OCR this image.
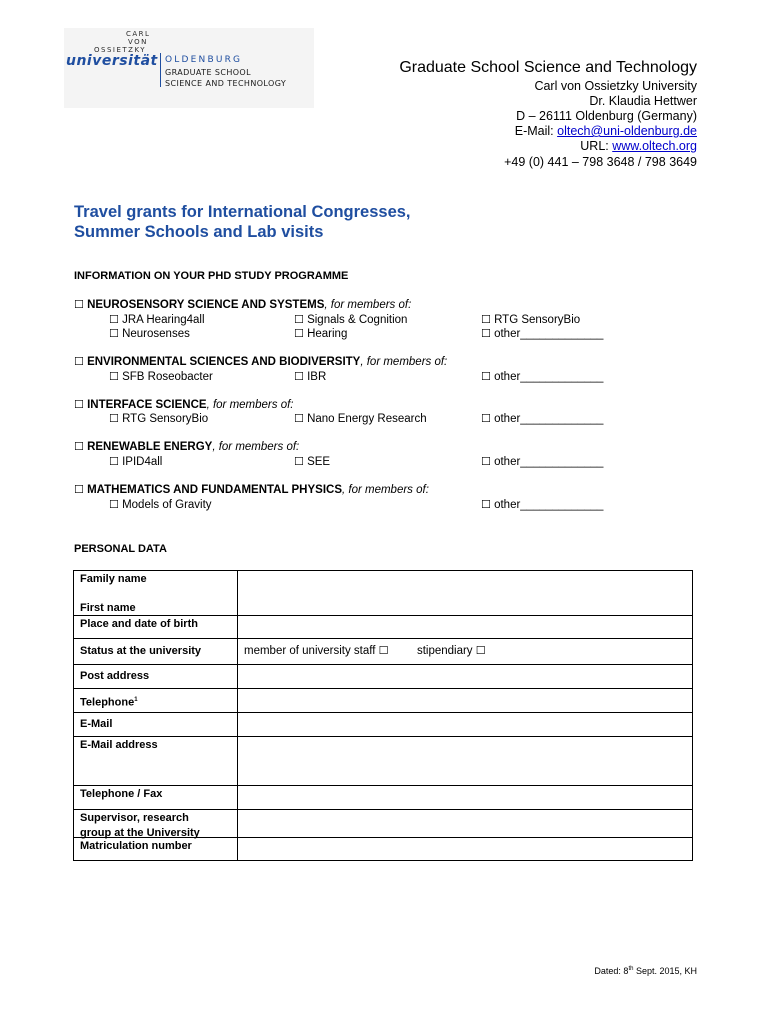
CARL
VON
OSSIETZKY
universität OLDENBURG
GRADUATE SCHOOL
SCIENCE AND TECHNOLOGY
Graduate School Science and Technology
Carl von Ossietzky University
Dr. Klaudia Hettwer
D – 26111 Oldenburg (Germany)
E-Mail: oltech@uni-oldenburg.de
URL: www.oltech.org
+49 (0) 441 – 798 3648 / 798 3649
Travel grants for International Congresses,
Summer Schools and Lab visits
INFORMATION ON YOUR PHD STUDY PROGRAMME
☐ NEUROSENSORY SCIENCE AND SYSTEMS, for members of:
☐ JRA Hearing4all	☐ Signals & Cognition	☐ RTG SensoryBio
☐ Neurosenses	☐ Hearing	☐ other_____________
☐ ENVIRONMENTAL SCIENCES AND BIODIVERSITY, for members of:
☐ SFB Roseobacter	☐ IBR	☐ other_____________
☐ INTERFACE SCIENCE, for members of:
☐ RTG SensoryBio	☐ Nano Energy Research	☐ other_____________
☐ RENEWABLE ENERGY, for members of:
☐ IPID4all	☐ SEE	☐ other_____________
☐ MATHEMATICS AND FUNDAMENTAL PHYSICS, for members of:
☐ Models of Gravity	☐ other_____________
PERSONAL DATA
Family name
First name
Place and date of birth
Status at the university	member of university staff ☐ stipendiary ☐
Post address
Telephone$^1$
E-Mail
E-Mail address
Telephone / Fax
Supervisor, research
group at the University
Matriculation number
Dated: 8th Sept. 2015, KH
